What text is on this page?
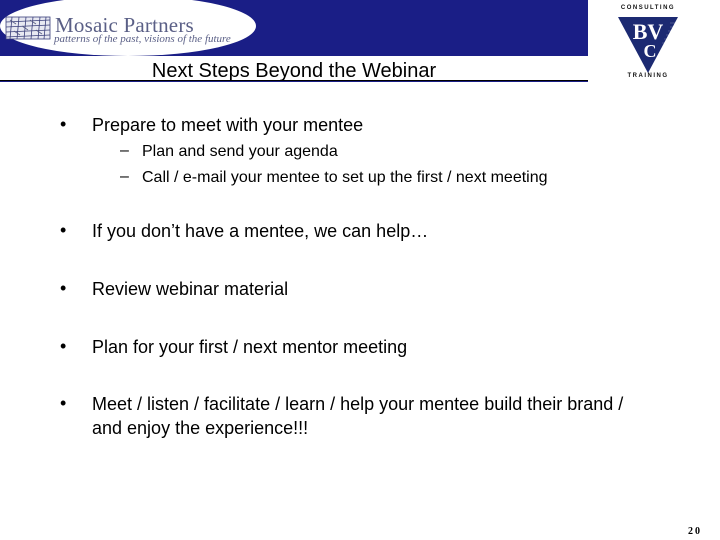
Mosaic Partners
patterns of the past, visions of the future
Next Steps Beyond the Webinar
CONSULTING
BV
C
TRAINING
• Prepare to meet with your mentee
– Plan and send your agenda
– Call / e-mail your mentee to set up the first / next meeting
• If you don’t have a mentee, we can help…
• Review webinar material
• Plan for your first / next mentor meeting
• Meet / listen / facilitate / learn / help your mentee build their brand / and enjoy the experience!!!
20
